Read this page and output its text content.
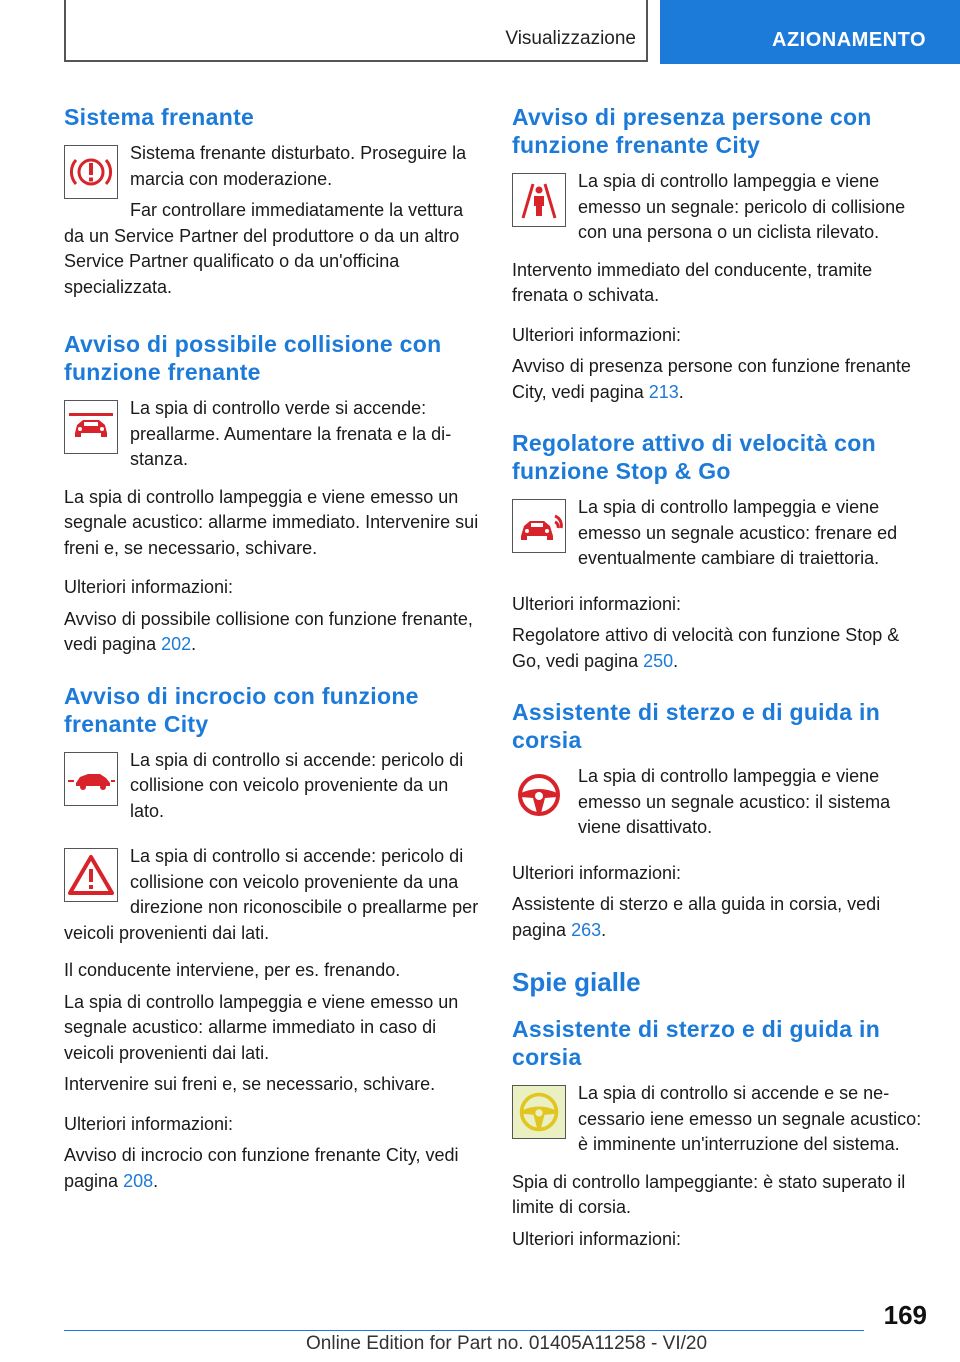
Visualizzazione	AZIONAMENTO
Sistema frenante

Sistema frenante disturbato. Proseguire la marcia con moderazione.

Far controllare immediatamente la vettura da un Service Partner del produttore o da un altro Service Partner qualificato o da un'officina specializzata.

Avviso di possibile collisione con funzione frenante

La spia di controllo verde si accende: preallarme. Aumentare la frenata e la distanza.

La spia di controllo lampeggia e viene emesso un segnale acustico: allarme immediato. Intervenire sui freni e, se necessario, schivare.

Ulteriori informazioni:

Avviso di possibile collisione con funzione frenante, vedi pagina 202.

Avviso di incrocio con funzione frenante City

La spia di controllo si accende: pericolo di collisione con veicolo proveniente da un lato.

La spia di controllo si accende: pericolo di collisione con veicolo proveniente da una direzione non riconoscibile o preallarme per veicoli provenienti dai lati.

Il conducente interviene, per es. frenando.

La spia di controllo lampeggia e viene emesso un segnale acustico: allarme immediato in caso di veicoli provenienti dai lati.

Intervenire sui freni e, se necessario, schivare.

Ulteriori informazioni:

Avviso di incrocio con funzione frenante City, vedi pagina 208.

Avviso di presenza persone con funzione frenante City

La spia di controllo lampeggia e viene emesso un segnale: pericolo di collisione con una persona o un ciclista rilevato.

Intervento immediato del conducente, tramite frenata o schivata.

Ulteriori informazioni:

Avviso di presenza persone con funzione frenante City, vedi pagina 213.

Regolatore attivo di velocità con funzione Stop & Go

La spia di controllo lampeggia e viene emesso un segnale acustico: frenare ed eventualmente cambiare di traiettoria.

Ulteriori informazioni:

Regolatore attivo di velocità con funzione Stop & Go, vedi pagina 250.

Assistente di sterzo e di guida in corsia

La spia di controllo lampeggia e viene emesso un segnale acustico: il sistema viene disattivato.

Ulteriori informazioni:

Assistente di sterzo e alla guida in corsia, vedi pagina 263.

Spie gialle
Assistente di sterzo e di guida in corsia

La spia di controllo si accende e se necessario iene emesso un segnale acustico: è imminente un'interruzione del sistema.

Spia di controllo lampeggiante: è stato superato il limite di corsia.

Ulteriori informazioni:

169
Online Edition for Part no. 01405A11258 - VI/20
